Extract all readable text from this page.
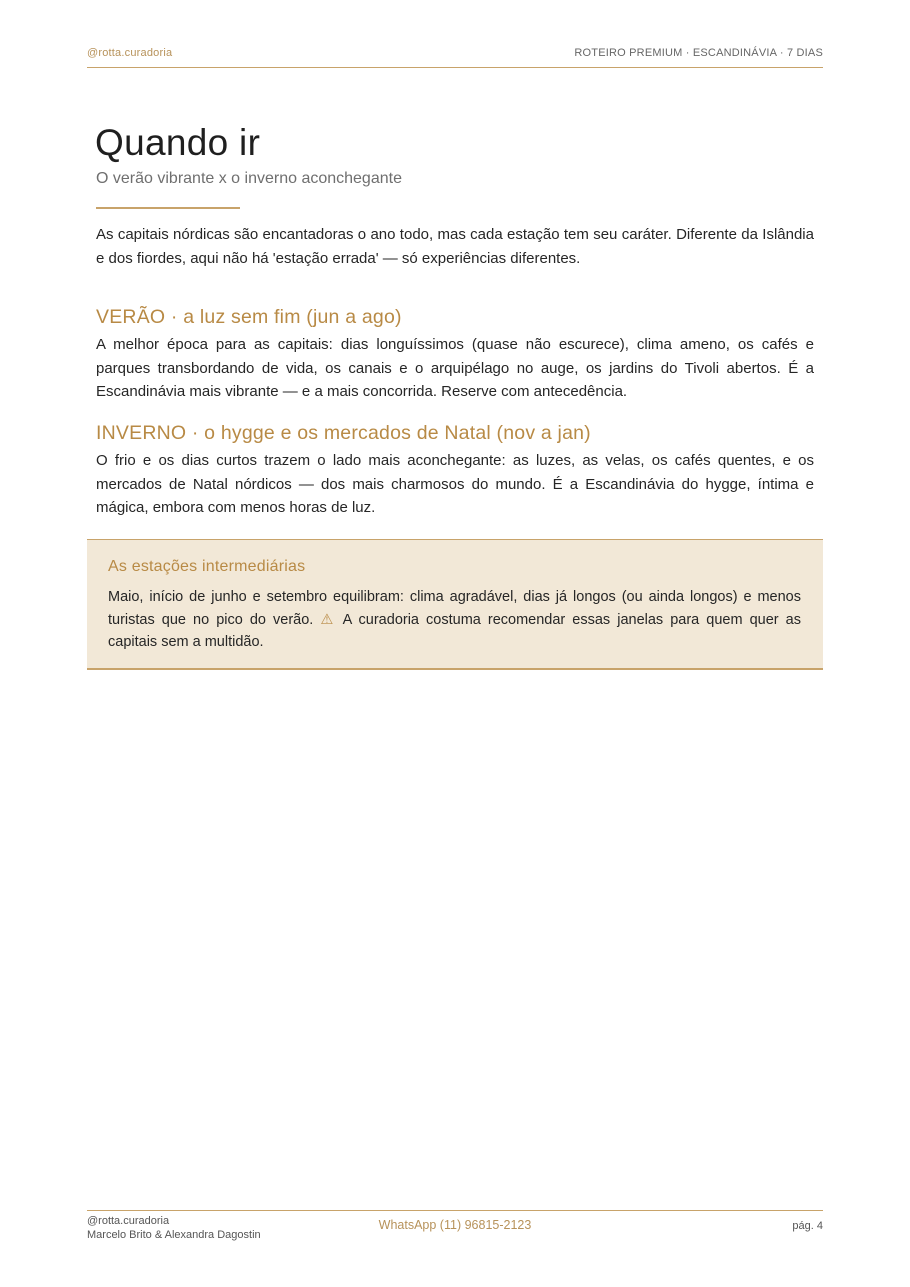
@rotta.curadoria	ROTEIRO PREMIUM · ESCANDINÁVIA · 7 DIAS
Quando ir

O verão vibrante x o inverno aconchegante

As capitais nórdicas são encantadoras o ano todo, mas cada estação tem seu caráter. Diferente da Islândia e dos fiordes, aqui não há 'estação errada' — só experiências diferentes.

VERÃO · a luz sem fim (jun a ago)

A melhor época para as capitais: dias longuíssimos (quase não escurece), clima ameno, os cafés e parques transbordando de vida, os canais e o arquipélago no auge, os jardins do Tivoli abertos. É a Escandinávia mais vibrante — e a mais concorrida. Reserve com antecedência.

INVERNO · o hygge e os mercados de Natal (nov a jan)

O frio e os dias curtos trazem o lado mais aconchegante: as luzes, as velas, os cafés quentes, e os mercados de Natal nórdicos — dos mais charmosos do mundo. É a Escandinávia do hygge, íntima e mágica, embora com menos horas de luz.

As estações intermediárias

Maio, início de junho e setembro equilibram: clima agradável, dias já longos (ou ainda longos) e menos turistas que no pico do verão. ⚠ A curadoria costuma recomendar essas janelas para quem quer as capitais sem a multidão.

@rotta.curadoria
Marcelo Brito & Alexandra Dagostin
WhatsApp (11) 96815-2123	pág. 4
